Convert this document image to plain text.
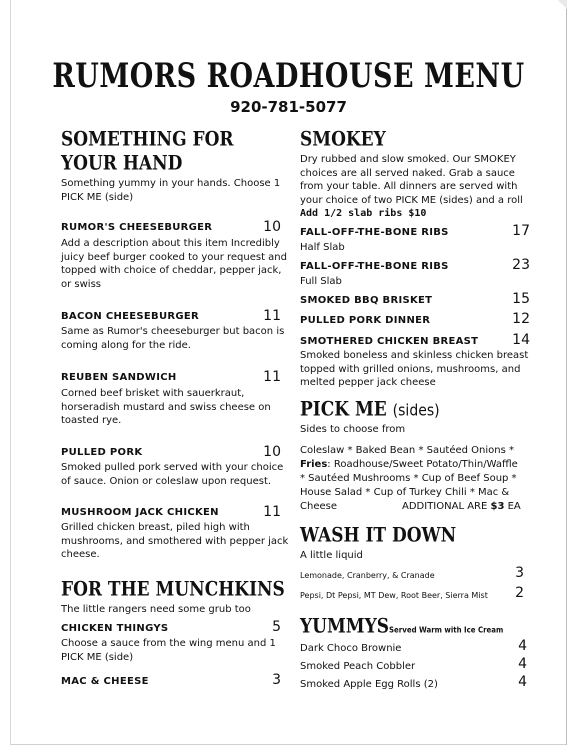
RUMORS ROADHOUSE MENU
920-781-5077
SOMETHING FOR YOUR HAND
Something yummy in your hands. Choose 1 PICK ME (side)
RUMOR'S CHEESEBURGER	10
Add a description about this item Incredibly juicy beef burger cooked to your request and topped with choice of cheddar, pepper jack, or swiss
BACON CHEESEBURGER	11
Same as Rumor's cheeseburger but bacon is coming along for the ride.
REUBEN SANDWICH	11
Corned beef brisket with sauerkraut, horseradish mustard and swiss cheese on toasted rye.
PULLED PORK	10
Smoked pulled pork served with your choice of sauce. Onion or coleslaw upon request.
MUSHROOM JACK CHICKEN	11
Grilled chicken breast, piled high with mushrooms, and smothered with pepper jack cheese.
FOR THE MUNCHKINS
The little rangers need some grub too
CHICKEN THINGYS	5
Choose a sauce from the wing menu and 1 PICK ME (side)
MAC & CHEESE	3
SMOKEY
Dry rubbed and slow smoked. Our SMOKEY choices are all served naked. Grab a sauce from your table. All dinners are served with your choice of two PICK ME (sides) and a roll
Add 1/2 slab ribs $10
FALL-OFF-THE-BONE RIBS	17
Half Slab
FALL-OFF-THE-BONE RIBS	23
Full Slab
SMOKED BBQ BRISKET	15
PULLED PORK DINNER	12
SMOTHERED CHICKEN BREAST	14
Smoked boneless and skinless chicken breast topped with grilled onions, mushrooms, and melted pepper jack cheese
PICK ME (sides)
Sides to choose from
Coleslaw * Baked Bean * Sautéed Onions *
Fries: Roadhouse/Sweet Potato/Thin/Waffle
* Sautéed Mushrooms * Cup of Beef Soup *
House Salad * Cup of Turkey Chili * Mac &
Cheese	ADDITIONAL ARE $3 EA
WASH IT DOWN
A little liquid
Lemonade, Cranberry, & Cranade	3
Pepsi, Dt Pepsi, MT Dew, Root Beer, Sierra Mist	2
YUMMYSServed Warm with Ice Cream
Dark Choco Brownie	4
Smoked Peach Cobbler	4
Smoked Apple Egg Rolls (2)	4
